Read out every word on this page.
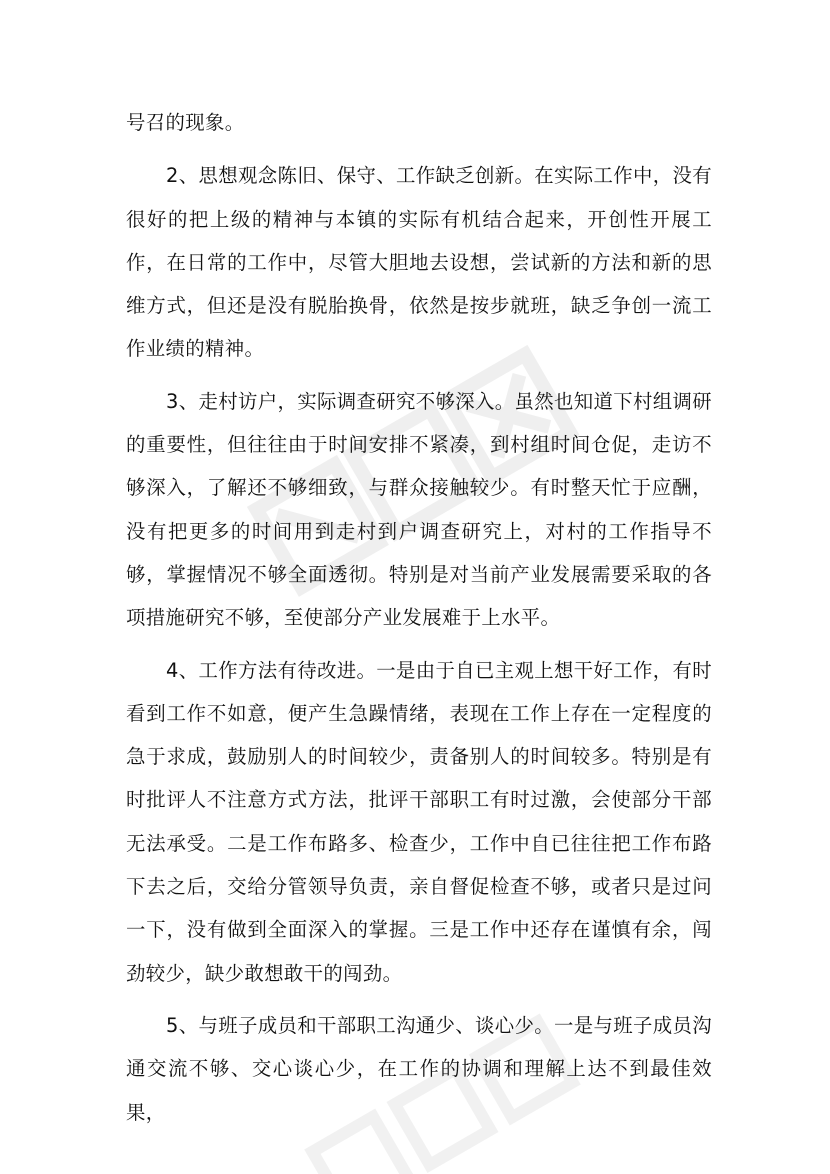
号召的现象。

2、思想观念陈旧、保守、工作缺乏创新。在实际工作中，没有很好的把上级的精神与本镇的实际有机结合起来，开创性开展工作，在日常的工作中，尽管大胆地去设想，尝试新的方法和新的思维方式，但还是没有脱胎换骨，依然是按步就班，缺乏争创一流工作业绩的精神。

3、走村访户，实际调查研究不够深入。虽然也知道下村组调研的重要性，但往往由于时间安排不紧凑，到村组时间仓促，走访不够深入，了解还不够细致，与群众接触较少。有时整天忙于应酬，没有把更多的时间用到走村到户调查研究上，对村的工作指导不够，掌握情况不够全面透彻。特别是对当前产业发展需要采取的各项措施研究不够，至使部分产业发展难于上水平。

4、工作方法有待改进。一是由于自已主观上想干好工作，有时看到工作不如意，便产生急躁情绪，表现在工作上存在一定程度的急于求成，鼓励别人的时间较少，责备别人的时间较多。特别是有时批评人不注意方式方法，批评干部职工有时过激，会使部分干部无法承受。二是工作布路多、检查少，工作中自已往往把工作布路下去之后，交给分管领导负责，亲自督促检查不够，或者只是过问一下，没有做到全面深入的掌握。三是工作中还存在谨慎有余，闯劲较少，缺少敢想敢干的闯劲。

5、与班子成员和干部职工沟通少、谈心少。一是与班子成员沟通交流不够、交心谈心少，在工作的协调和理解上达不到最佳效果，
